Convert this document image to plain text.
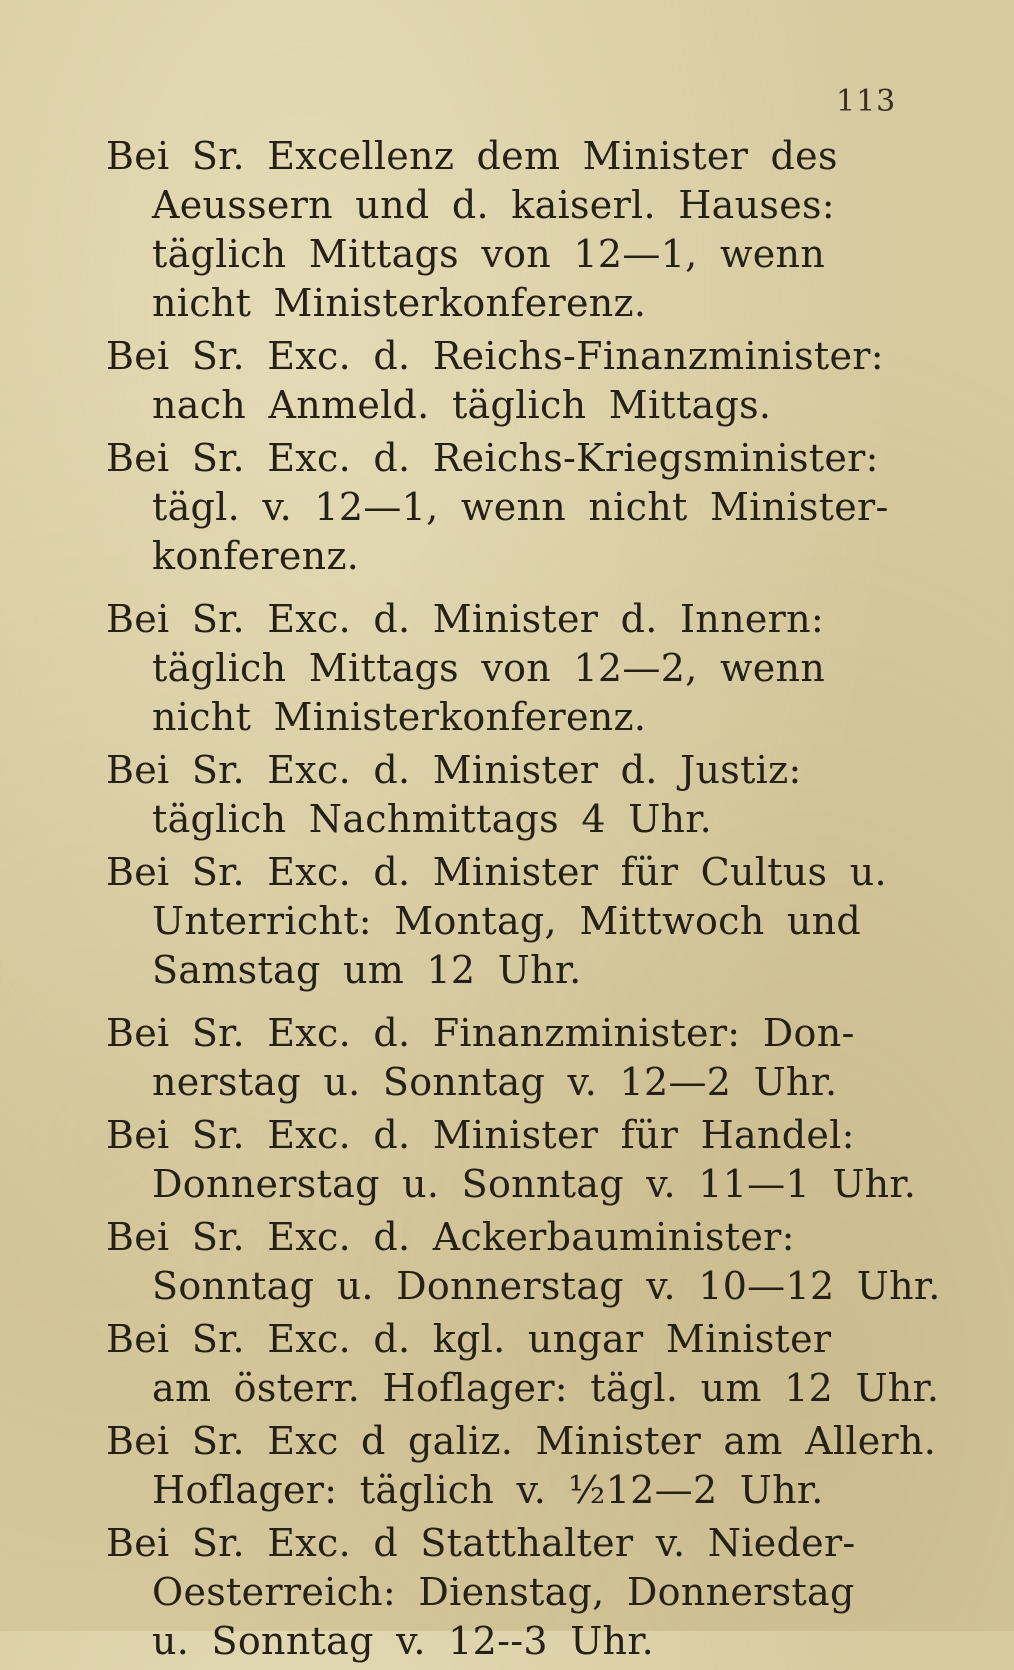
113
Bei Sr. Excellenz dem Minister des
Aeussern und d. kaiserl. Hauses:
täglich Mittags von 12—1, wenn
nicht Ministerkonferenz.
Bei Sr. Exc. d. Reichs-Finanzminister:
nach Anmeld. täglich Mittags.
Bei Sr. Exc. d. Reichs-Kriegsminister:
tägl. v. 12—1, wenn nicht Minister-
konferenz.
Bei Sr. Exc. d. Minister d. Innern:
täglich Mittags von 12—2, wenn
nicht Ministerkonferenz.
Bei Sr. Exc. d. Minister d. Justiz:
täglich Nachmittags 4 Uhr.
Bei Sr. Exc. d. Minister für Cultus u.
Unterricht: Montag, Mittwoch und
Samstag um 12 Uhr.
Bei Sr. Exc. d. Finanzminister: Don-
nerstag u. Sonntag v. 12—2 Uhr.
Bei Sr. Exc. d. Minister für Handel:
Donnerstag u. Sonntag v. 11—1 Uhr.
Bei Sr. Exc. d. Ackerbauminister:
Sonntag u. Donnerstag v. 10—12 Uhr.
Bei Sr. Exc. d. kgl. ungar Minister
am österr. Hoflager: tägl. um 12 Uhr.
Bei Sr. Exc d galiz. Minister am Allerh.
Hoflager: täglich v. ½12—2 Uhr.
Bei Sr. Exc. d Statthalter v. Nieder-
Oesterreich: Dienstag, Donnerstag
u. Sonntag v. 12--3 Uhr.
